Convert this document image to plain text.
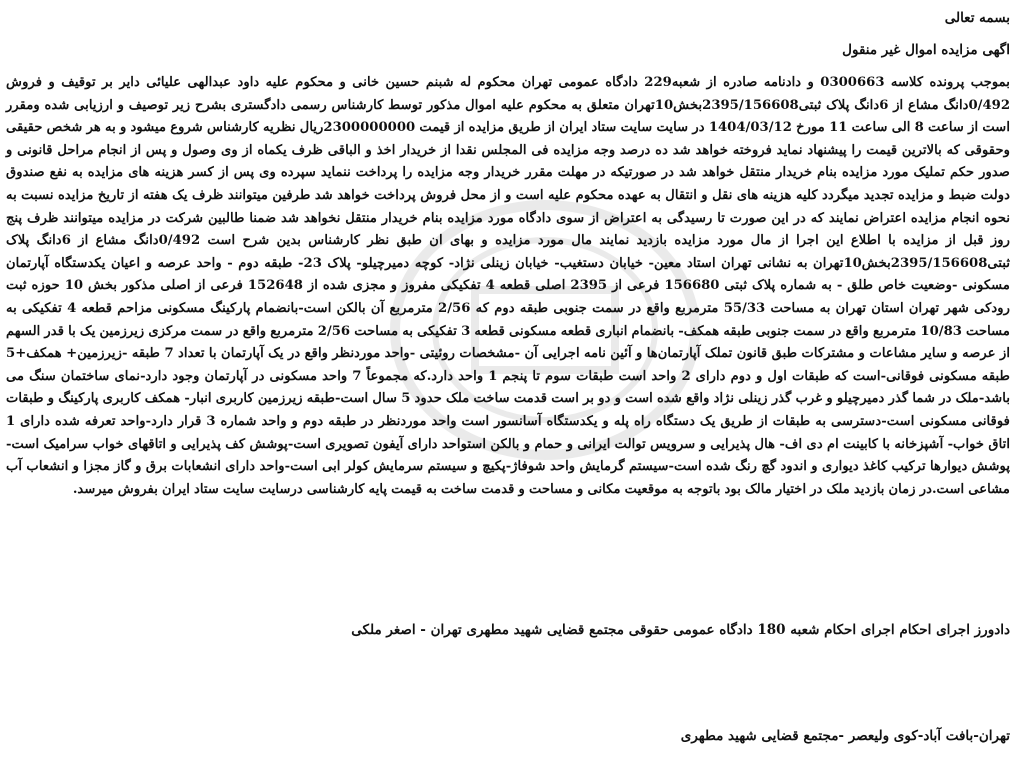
بسمه تعالی
اگهی مزایده اموال غیر منقول

بموجب پرونده کلاسه 0300663 و دادنامه صادره از شعبه229 دادگاه عمومی تهران محکوم له شبنم حسین خانی و محکوم علیه داود عبدالهی علیائی دایر بر توقیف و فروش 0/492دانگ مشاع از 6دانگ پلاک ثبتی2395/156608بخش10تهران متعلق به محکوم علیه اموال مذکور توسط کارشناس رسمی دادگستری بشرح زیر توصیف و ارزیابی شده ومقرر است از ساعت 8 الی ساعت 11 مورخ 1404/03/12 در سایت سایت ستاد ایران از طریق مزایده از قیمت 2300000000ریال نظریه کارشناس شروع میشود و به هر شخص حقیقی وحقوقی که بالاترین قیمت را پیشنهاد نماید فروخته خواهد شد ده درصد وجه مزایده فی المجلس نقدا از خریدار اخذ و الباقی ظرف یکماه از وی وصول و پس از انجام مراحل قانونی و صدور حکم تملیک مورد مزایده بنام خریدار منتقل خواهد شد در صورتیکه در مهلت مقرر خریدار وجه مزایده را پرداخت ننماید سپرده وی پس از کسر هزینه های مزایده به نفع صندوق دولت ضبط و مزایده تجدید میگردد کلیه هزینه های نقل و انتقال به عهده محکوم علیه است و از محل فروش پرداخت خواهد شد طرفین میتوانند ظرف یک هفته از تاریخ مزایده نسبت به نحوه انجام مزایده اعتراض نمایند که در این صورت تا رسیدگی به اعتراض از سوی دادگاه مورد مزایده بنام خریدار منتقل نخواهد شد ضمنا طالبین شرکت در مزایده میتوانند ظرف پنج روز قبل از مزایده با اطلاع این اجرا از مال مورد مزایده بازدید نمایند مال مورد مزایده و بهای ان طبق نظر کارشناس بدین شرح است 0/492دانگ مشاع از 6دانگ پلاک ثبتی2395/156608بخش10تهران به نشانی تهران استاد معین- خیابان دستغیب- خیابان زینلی نژاد- کوچه دمیرچیلو- پلاک 23- طبقه دوم - واحد عرصه و اعیان یکدستگاه آپارتمان مسکونی -وضعیت خاص طلق - به شماره پلاک ثبتی 156680 فرعی از 2395 اصلی قطعه 4 تفکیکی مفروز و مجزی شده از 152648 فرعی از اصلی مذکور بخش 10 حوزه ثبت رودکی شهر تهران استان تهران به مساحت 55/33 مترمربع واقع در سمت جنوبی طبقه دوم که 2/56 مترمربع آن بالکن است-بانضمام پارکینگ مسکونی مزاحم قطعه 4 تفکیکی به مساحت 10/83 مترمربع واقع در سمت جنوبی طبقه همکف- بانضمام انباری قطعه مسکونی قطعه 3 تفکیکی به مساحت 2/56 مترمربع واقع در سمت مرکزی زیرزمین یک با قدر السهم از عرصه و سایر مشاعات و مشترکات طبق قانون تملک آپارتمان‌ها و آئین نامه اجرایی آن -مشخصات روئیتی -واحد موردنظر واقع در یک آپارتمان با تعداد 7 طبقه -زیرزمین+ همکف+5 طبقه مسکونی فوقانی-است که طبقات اول و دوم دارای 2 واحد است طبقات سوم تا پنجم 1 واحد دارد.که مجموعاً 7 واحد مسکونی در آپارتمان وجود دارد-نمای ساختمان سنگ می باشد-ملک در شما گذر دمیرچیلو و غرب گذر زینلی نژاد واقع شده است و دو بر است قدمت ساخت ملک حدود 5 سال است-طبقه زیرزمین کاربری انبار- همکف کاربری پارکینگ و طبقات فوقانی مسکونی است-دسترسی به طبقات از طریق یک دستگاه راه پله و یکدستگاه آسانسور است واحد موردنظر در طبقه دوم و واحد شماره 3 قرار دارد-واحد تعرفه شده دارای 1 اتاق خواب- آشپزخانه با کابینت ام دی اف- هال پذیرایی و سرویس توالت ایرانی و حمام و بالکن استواحد دارای آیفون تصویری است-پوشش کف پذیرایی و اتاقهای خواب سرامیک است- پوشش دیوارها ترکیب کاغذ دیواری و اندود گچ رنگ شده است-سیستم گرمایش واحد شوفاژ-پکیچ و سیستم سرمایش کولر ابی است-واحد دارای انشعابات برق و گاز مجزا و انشعاب آب مشاعی است.در زمان بازدید ملک در اختیار مالک بود باتوجه به موقعیت مکانی و مساحت و قدمت ساخت به قیمت پایه کارشناسی درسایت سایت ستاد ایران بفروش میرسد.

دادورز اجرای احکام اجرای احکام شعبه 180 دادگاه عمومی حقوقی مجتمع قضایی شهید مطهری تهران - اصغر ملکی
تهران-بافت آباد-کوی ولیعصر -مجتمع قضایی شهید مطهری
